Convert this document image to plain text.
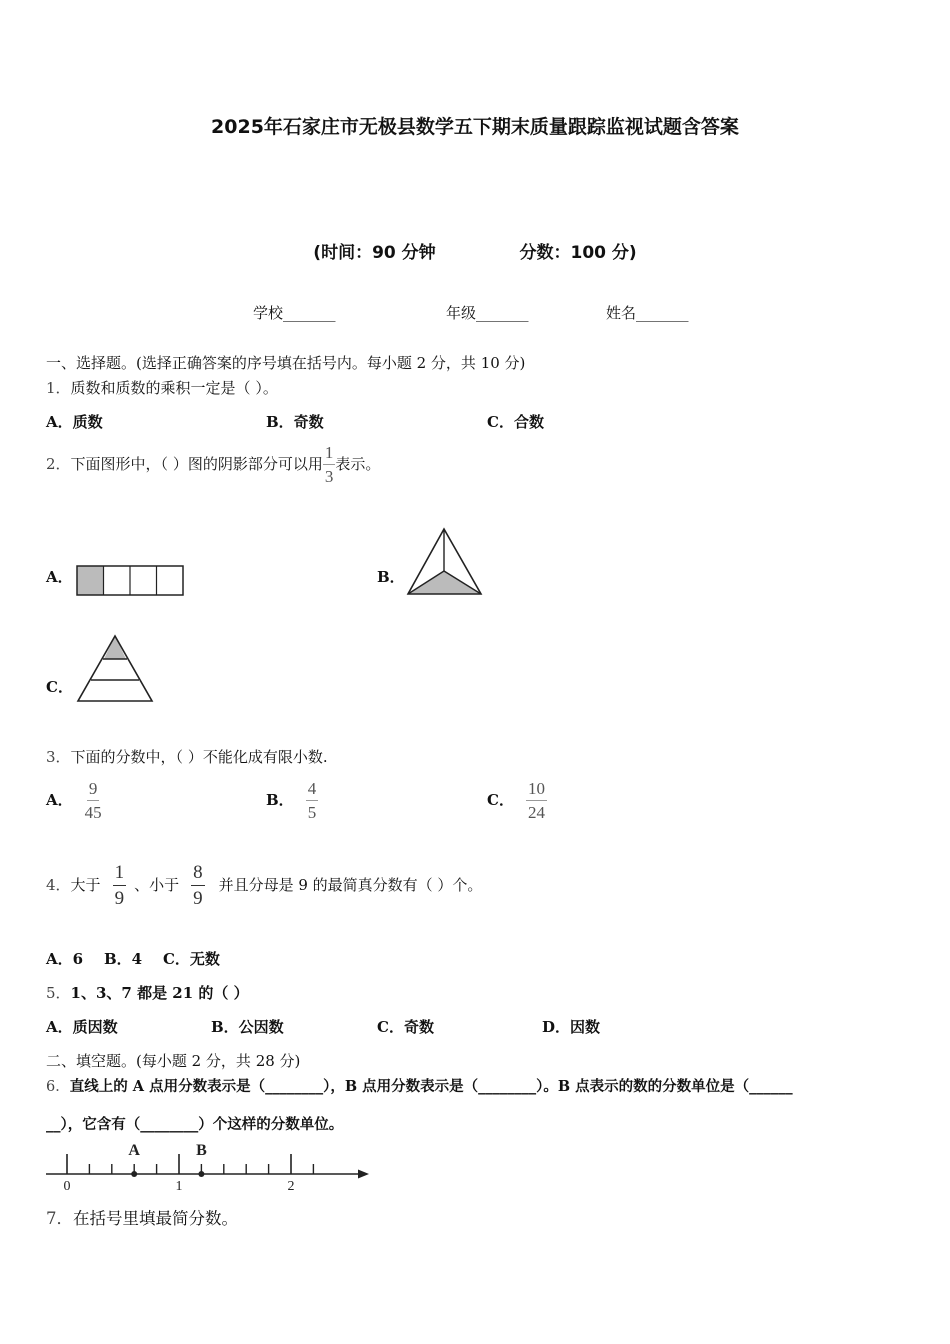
2025年石家庄市无极县数学五下期末质量跟踪监视试题含答案
(时间：90 分钟	分数：100 分)
学校_______	年级_______	姓名_______
一、选择题。(选择正确答案的序号填在括号内。每小题 2 分，共 10 分)
1．质数和质数的乘积一定是（ ）。
A．质数	B．奇数	C．合数
2．下面图形中，（ ）图的阴影部分可以用 $\frac{1}{3}$ 表示。
A．	B．
C．
3．下面的分数中，（ ）不能化成有限小数.
A． $\frac{9}{45}$	B． $\frac{4}{5}$	C． $\frac{10}{24}$
4．大于 $\frac{1}{9}$ 、小于 $\frac{8}{9}$ 并且分母是 9 的最简真分数有（ ）个。
A．6    B．4    C．无数
5．1、3、7 都是 21 的（ ）
A．质因数	B．公因数	C．奇数	D．因数
二、填空题。(每小题 2 分，共 28 分)
6．直线上的 A 点用分数表示是（________），B 点用分数表示是（________）。B 点表示的数的分数单位是（______
__），它含有（________）个这样的分数单位。
A	B
0	1	2
7．在括号里填最简分数。
